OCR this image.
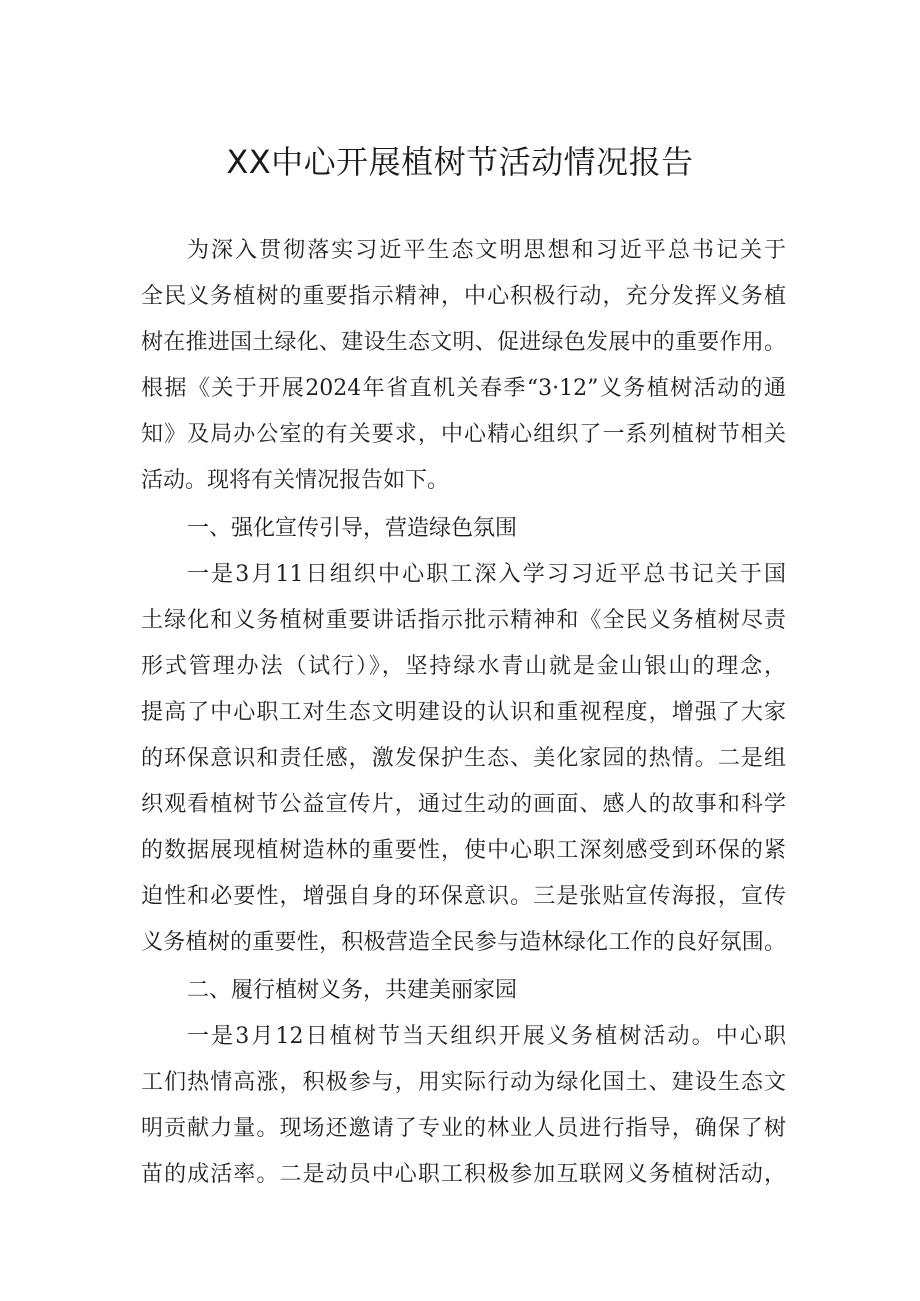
XX中心开展植树节活动情况报告
为深入贯彻落实习近平生态文明思想和习近平总书记关于
全民义务植树的重要指示精神，中心积极行动，充分发挥义务植
树在推进国土绿化、建设生态文明、促进绿色发展中的重要作用。
根据《关于开展2024年省直机关春季“3·12”义务植树活动的通
知》及局办公室的有关要求，中心精心组织了一系列植树节相关
活动。现将有关情况报告如下。
一、强化宣传引导，营造绿色氛围
一是3月11日组织中心职工深入学习习近平总书记关于国
土绿化和义务植树重要讲话指示批示精神和《全民义务植树尽责
形式管理办法（试行）》，坚持绿水青山就是金山银山的理念，
提高了中心职工对生态文明建设的认识和重视程度，增强了大家
的环保意识和责任感，激发保护生态、美化家园的热情。二是组
织观看植树节公益宣传片，通过生动的画面、感人的故事和科学
的数据展现植树造林的重要性，使中心职工深刻感受到环保的紧
迫性和必要性，增强自身的环保意识。三是张贴宣传海报，宣传
义务植树的重要性，积极营造全民参与造林绿化工作的良好氛围。
二、履行植树义务，共建美丽家园
一是3月12日植树节当天组织开展义务植树活动。中心职
工们热情高涨，积极参与，用实际行动为绿化国土、建设生态文
明贡献力量。现场还邀请了专业的林业人员进行指导，确保了树
苗的成活率。二是动员中心职工积极参加互联网义务植树活动，
